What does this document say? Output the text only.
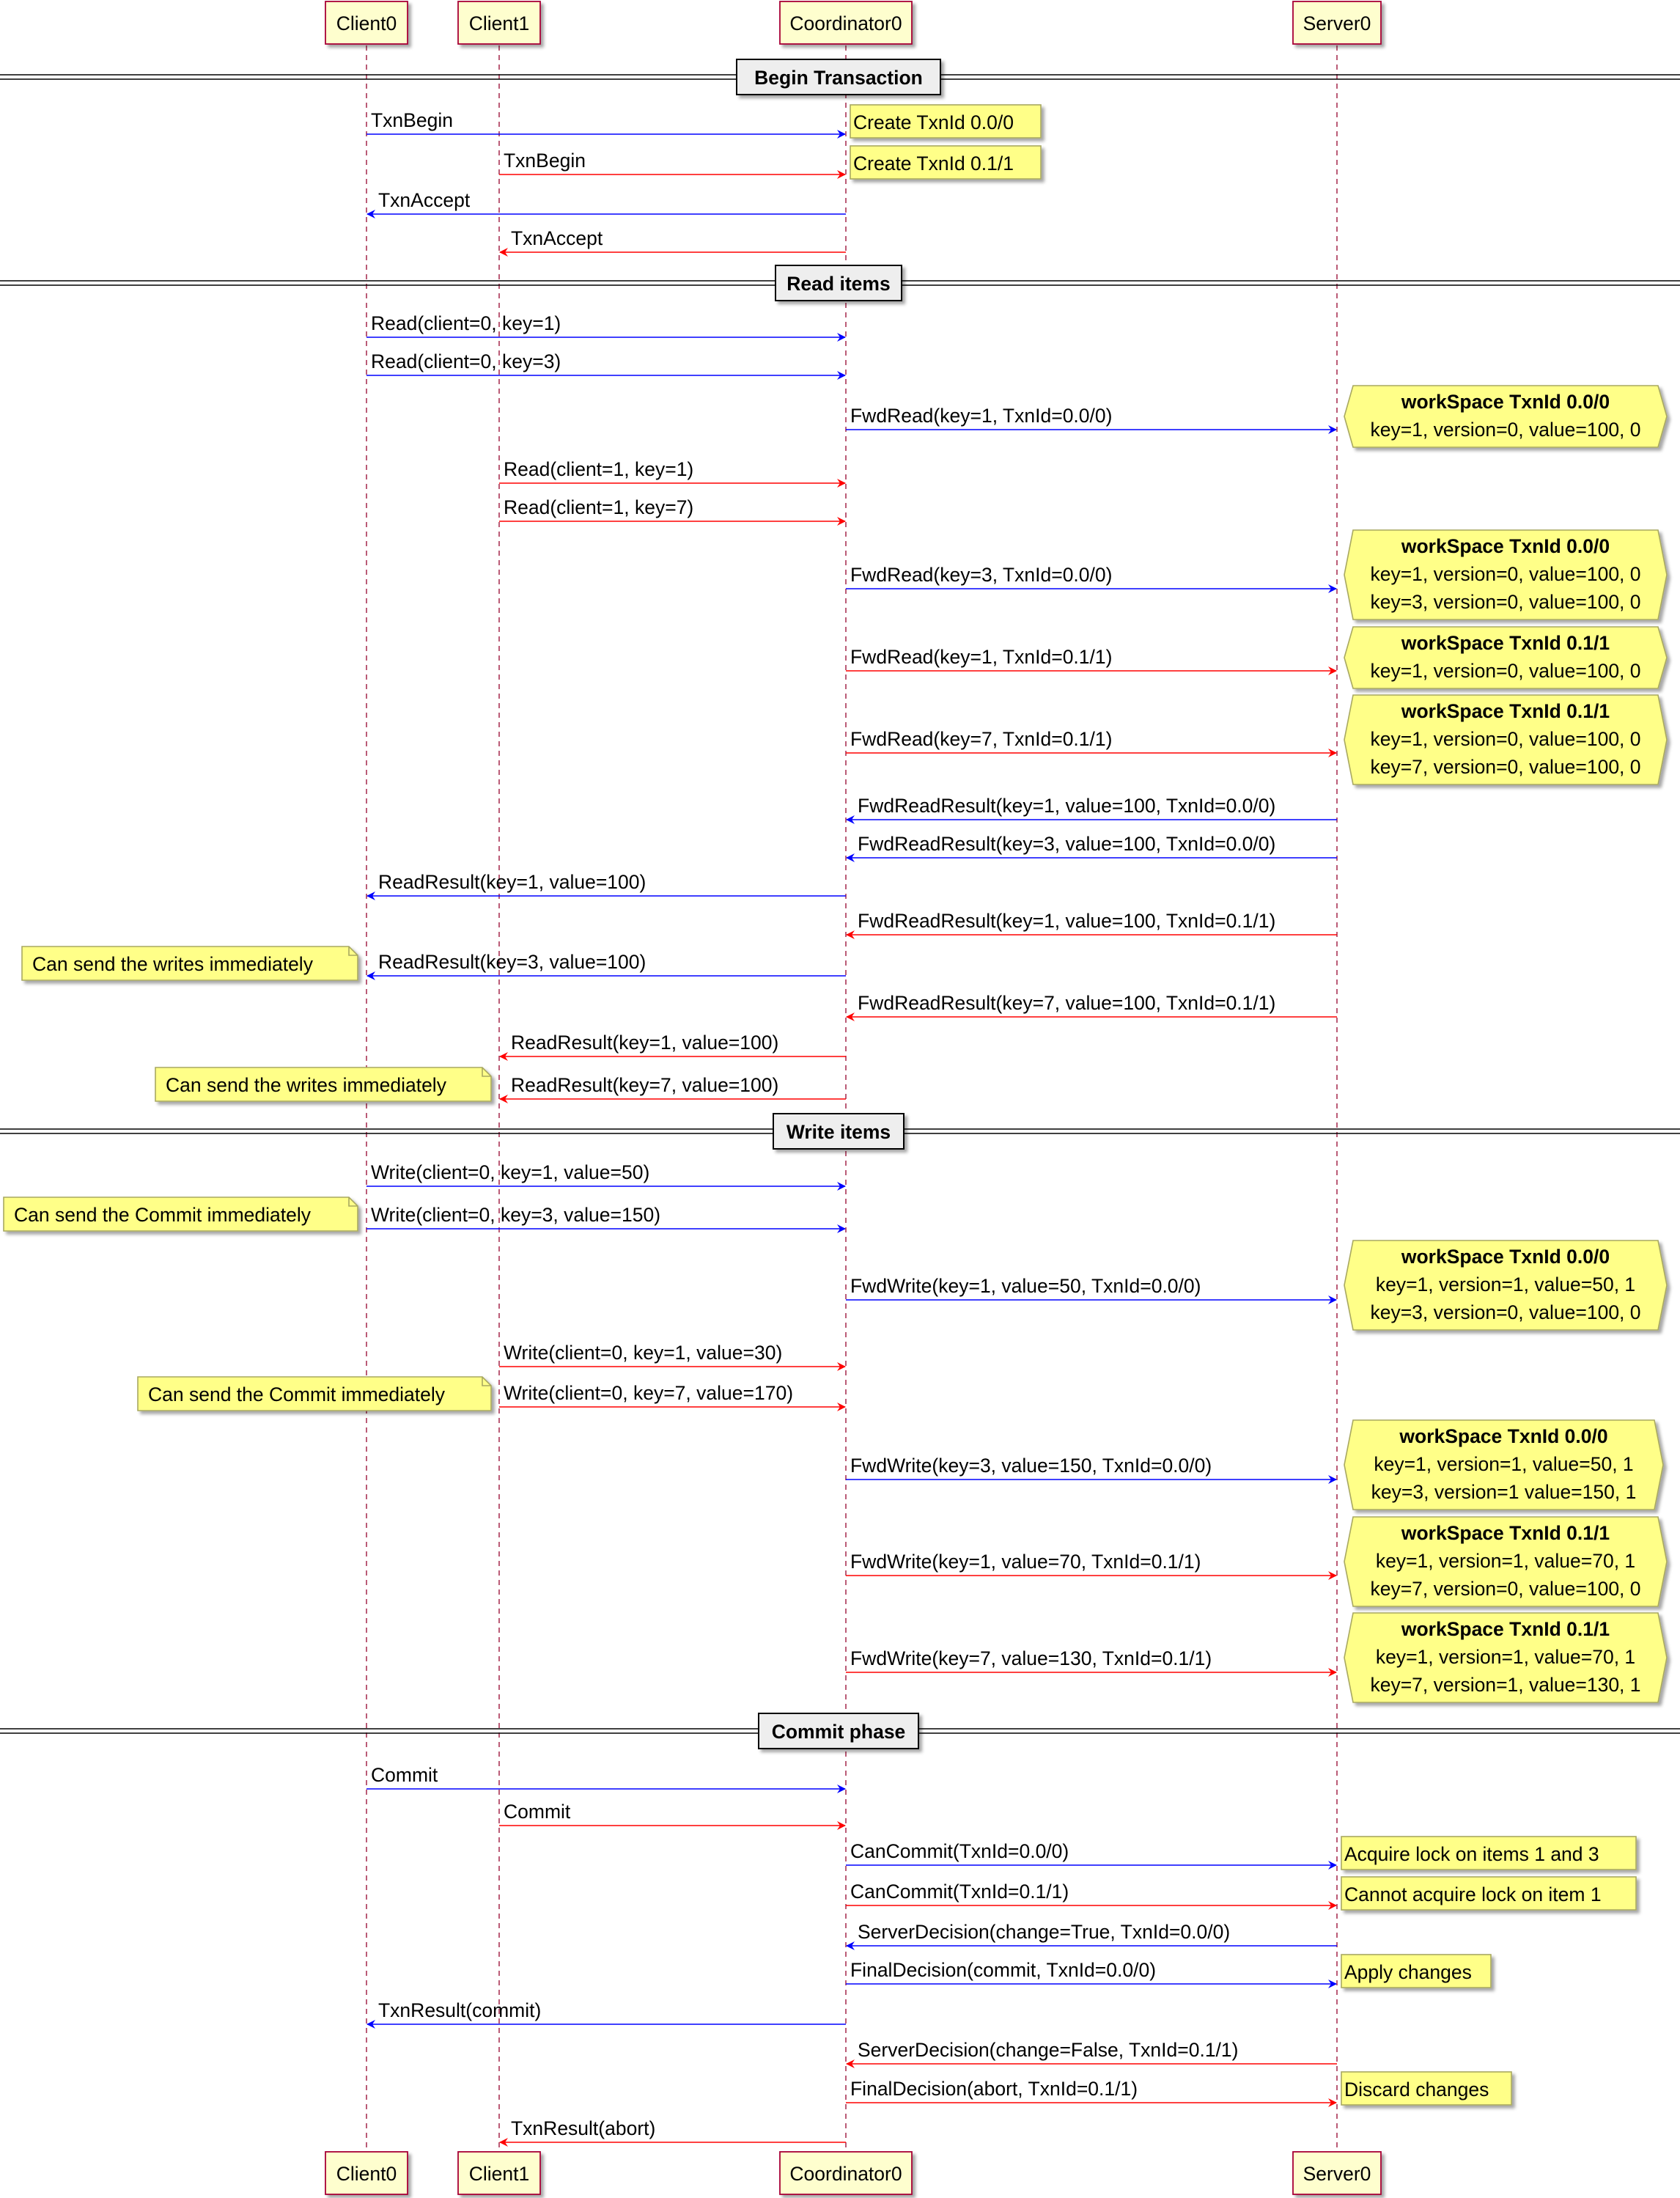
Begin Transaction
Read items
Write items
Commit phase
TxnBegin
TxnBegin
TxnAccept
TxnAccept
Read(client=0, key=1)
Read(client=0, key=3)
FwdRead(key=1, TxnId=0.0/0)
Read(client=1, key=1)
Read(client=1, key=7)
FwdRead(key=3, TxnId=0.0/0)
FwdRead(key=1, TxnId=0.1/1)
FwdRead(key=7, TxnId=0.1/1)
FwdReadResult(key=1, value=100, TxnId=0.0/0)
FwdReadResult(key=3, value=100, TxnId=0.0/0)
ReadResult(key=1, value=100)
FwdReadResult(key=1, value=100, TxnId=0.1/1)
ReadResult(key=3, value=100)
FwdReadResult(key=7, value=100, TxnId=0.1/1)
ReadResult(key=1, value=100)
ReadResult(key=7, value=100)
Write(client=0, key=1, value=50)
Write(client=0, key=3, value=150)
FwdWrite(key=1, value=50, TxnId=0.0/0)
Write(client=0, key=1, value=30)
Write(client=0, key=7, value=170)
FwdWrite(key=3, value=150, TxnId=0.0/0)
FwdWrite(key=1, value=70, TxnId=0.1/1)
FwdWrite(key=7, value=130, TxnId=0.1/1)
Commit
Commit
CanCommit(TxnId=0.0/0)
CanCommit(TxnId=0.1/1)
ServerDecision(change=True, TxnId=0.0/0)
FinalDecision(commit, TxnId=0.0/0)
TxnResult(commit)
ServerDecision(change=False, TxnId=0.1/1)
FinalDecision(abort, TxnId=0.1/1)
TxnResult(abort)
Create TxnId 0.0/0
Create TxnId 0.1/1
workSpace TxnId 0.0/0
key=1, version=0, value=100, 0
workSpace TxnId 0.0/0
key=1, version=0, value=100, 0
key=3, version=0, value=100, 0
workSpace TxnId 0.1/1
key=1, version=0, value=100, 0
workSpace TxnId 0.1/1
key=1, version=0, value=100, 0
key=7, version=0, value=100, 0
Can send the writes immediately
Can send the writes immediately
Can send the Commit immediately
workSpace TxnId 0.0/0
key=1, version=1, value=50, 1
key=3, version=0, value=100, 0
Can send the Commit immediately
workSpace TxnId 0.0/0
key=1, version=1, value=50, 1
key=3, version=1 value=150, 1
workSpace TxnId 0.1/1
key=1, version=1, value=70, 1
key=7, version=0, value=100, 0
workSpace TxnId 0.1/1
key=1, version=1, value=70, 1
key=7, version=1, value=130, 1
Acquire lock on items 1 and 3
Cannot acquire lock on item 1
Apply changes
Discard changes
Client0	Client1	Coordinator0	Server0
Client0	Client1	Coordinator0	Server0
